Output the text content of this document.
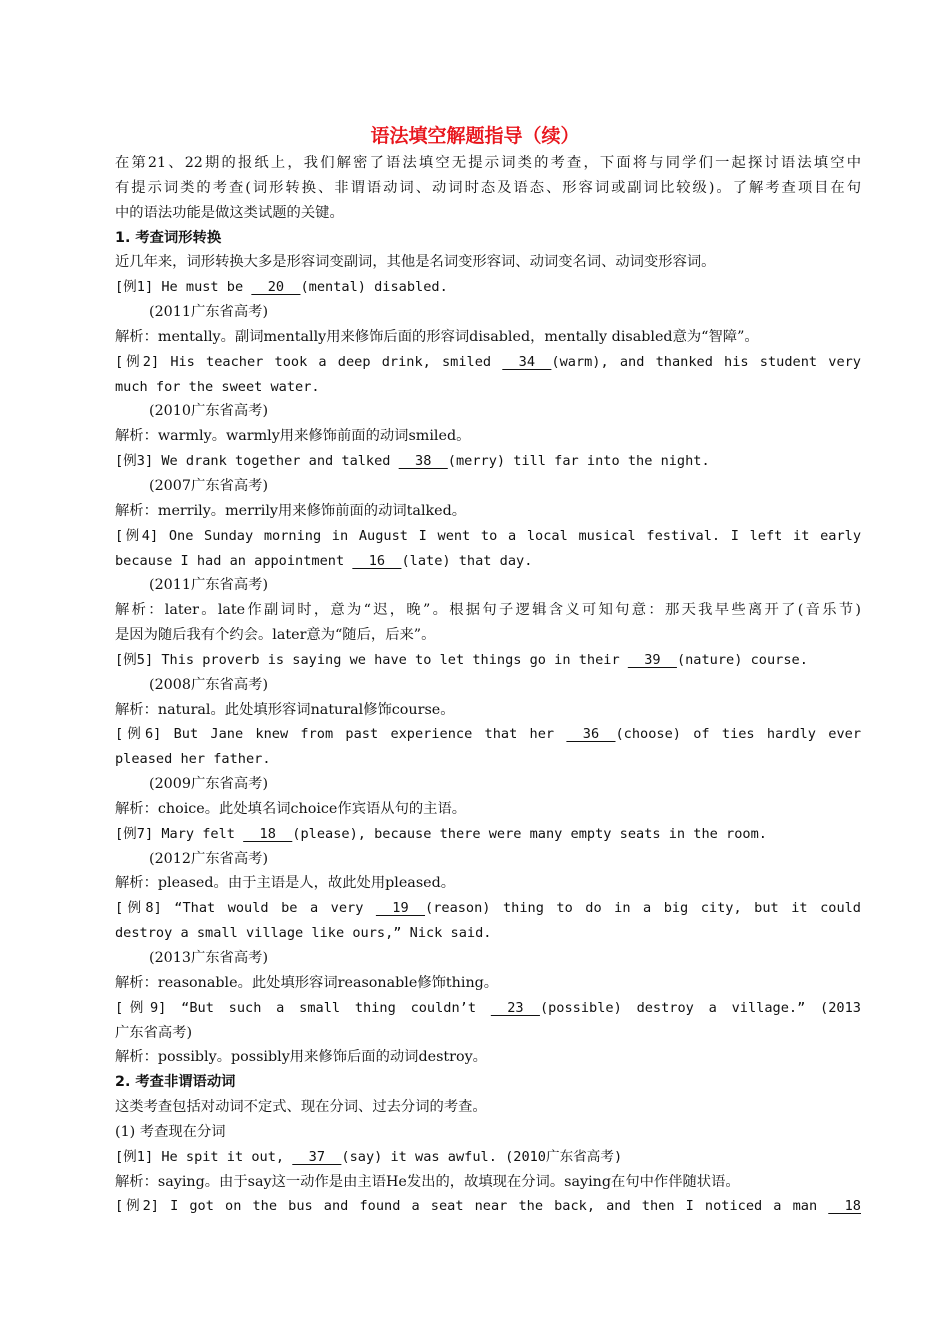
语法填空解题指导（续）
在第21、22期的报纸上，我们解密了语法填空无提示词类的考查，下面将与同学们一起探讨语法填空中
有提示词类的考查(词形转换、非谓语动词、动词时态及语态、形容词或副词比较级)。了解考查项目在句
中的语法功能是做这类试题的关键。
1. 考查词形转换
近几年来，词形转换大多是形容词变副词，其他是名词变形容词、动词变名词、动词变形容词。
[例1] He must be   20  (mental) disabled.
(2011广东省高考)
解析：mentally。副词mentally用来修饰后面的形容词disabled，mentally disabled意为“智障”。
[例2] His teacher took a deep drink, smiled   34  (warm), and thanked his student very
much for the sweet water.
(2010广东省高考)
解析：warmly。warmly用来修饰前面的动词smiled。
[例3] We drank together and talked   38  (merry) till far into the night.
(2007广东省高考)
解析：merrily。merrily用来修饰前面的动词talked。
[例4] One Sunday morning in August I went to a local musical festival. I left it early
because I had an appointment   16  (late) that day.
(2011广东省高考)
解析：later。late作副词时，意为“迟，晚”。根据句子逻辑含义可知句意：那天我早些离开了(音乐节)
是因为随后我有个约会。later意为“随后，后来”。
[例5] This proverb is saying we have to let things go in their   39  (nature) course.
(2008广东省高考)
解析：natural。此处填形容词natural修饰course。
[例6] But Jane knew from past experience that her   36  (choose) of ties hardly ever
pleased her father.
(2009广东省高考)
解析：choice。此处填名词choice作宾语从句的主语。
[例7] Mary felt   18  (please), because there were many empty seats in the room.
(2012广东省高考)
解析：pleased。由于主语是人，故此处用pleased。
[例8] “That would be a very   19  (reason) thing to do in a big city, but it could
destroy a small village like ours,” Nick said.
(2013广东省高考)
解析：reasonable。此处填形容词reasonable修饰thing。
[例9] “But such a small thing couldn’t   23  (possible) destroy a village.” (2013
广东省高考)
解析：possibly。possibly用来修饰后面的动词destroy。
2. 考查非谓语动词
这类考查包括对动词不定式、现在分词、过去分词的考查。
(1) 考查现在分词
[例1] He spit it out,   37  (say) it was awful. (2010广东省高考)
解析：saying。由于say这一动作是由主语He发出的，故填现在分词。saying在句中作伴随状语。
[例2] I got on the bus and found a seat near the back, and then I noticed a man   18
